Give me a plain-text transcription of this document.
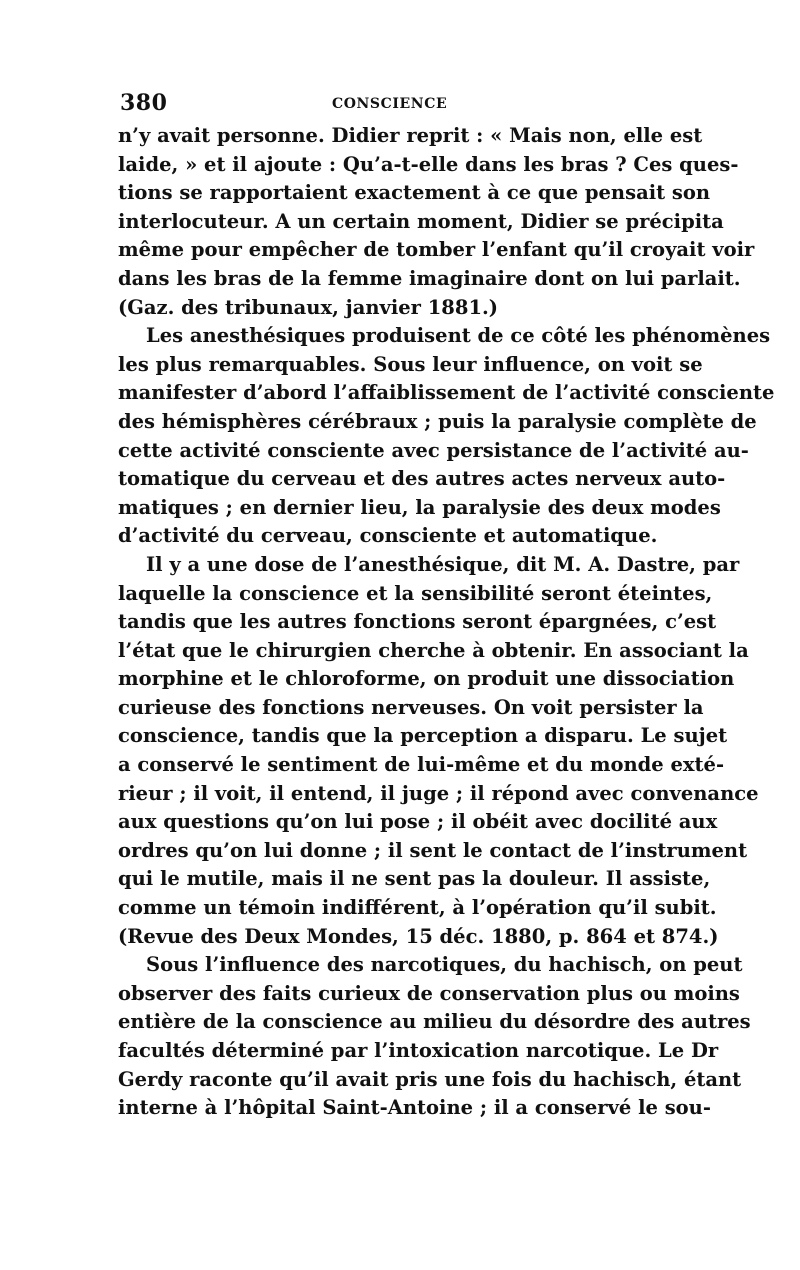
380	CONSCIENCE
n’y avait personne. Didier reprit : « Mais non, elle est
laide, » et il ajoute : Qu’a-t-elle dans les bras ? Ces ques-
tions se rapportaient exactement à ce que pensait son
interlocuteur. A un certain moment, Didier se précipita
même pour empêcher de tomber l’enfant qu’il croyait voir
dans les bras de la femme imaginaire dont on lui parlait.
(Gaz. des tribunaux, janvier 1881.)
Les anesthésiques produisent de ce côté les phénomènes
les plus remarquables. Sous leur influence, on voit se
manifester d’abord l’affaiblissement de l’activité consciente
des hémisphères cérébraux ; puis la paralysie complète de
cette activité consciente avec persistance de l’activité au-
tomatique du cerveau et des autres actes nerveux auto-
matiques ; en dernier lieu, la paralysie des deux modes
d’activité du cerveau, consciente et automatique.
Il y a une dose de l’anesthésique, dit M. A. Dastre, par
laquelle la conscience et la sensibilité seront éteintes,
tandis que les autres fonctions seront épargnées, c’est
l’état que le chirurgien cherche à obtenir. En associant la
morphine et le chloroforme, on produit une dissociation
curieuse des fonctions nerveuses. On voit persister la
conscience, tandis que la perception a disparu. Le sujet
a conservé le sentiment de lui-même et du monde exté-
rieur ; il voit, il entend, il juge ; il répond avec convenance
aux questions qu’on lui pose ; il obéit avec docilité aux
ordres qu’on lui donne ; il sent le contact de l’instrument
qui le mutile, mais il ne sent pas la douleur. Il assiste,
comme un témoin indifférent, à l’opération qu’il subit.
(Revue des Deux Mondes, 15 déc. 1880, p. 864 et 874.)
Sous l’influence des narcotiques, du hachisch, on peut
observer des faits curieux de conservation plus ou moins
entière de la conscience au milieu du désordre des autres
facultés déterminé par l’intoxication narcotique. Le Dr
Gerdy raconte qu’il avait pris une fois du hachisch, étant
interne à l’hôpital Saint-Antoine ; il a conservé le sou-
